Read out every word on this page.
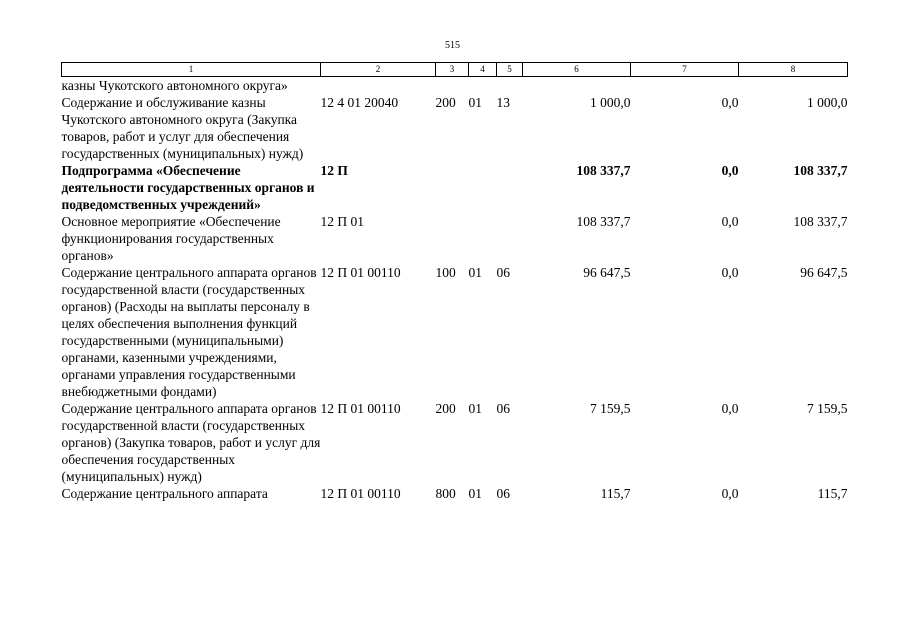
515
1	2	3	4	5	6	7	8
казны Чукотского автономного округа»							
Содержание и обслуживание казны Чукотского автономного округа (Закупка товаров, работ и услуг для обеспечения государственных (муниципальных) нужд)	12 4 01 20040	200	01	13	1 000,0	0,0	1 000,0
Подпрограмма «Обеспечение деятельности государственных органов и подведомственных учреждений»	12 П				108 337,7	0,0	108 337,7
Основное мероприятие «Обеспечение функционирования государственных органов»	12 П 01				108 337,7	0,0	108 337,7
Содержание центрального аппарата органов государственной власти (государственных органов) (Расходы на выплаты персоналу в целях обеспечения выполнения функций государственными (муниципальными) органами, казенными учреждениями, органами управления государственными внебюджетными фондами)	12 П 01 00110	100	01	06	96 647,5	0,0	96 647,5
Содержание центрального аппарата органов государственной власти (государственных органов) (Закупка товаров, работ и услуг для обеспечения государственных (муниципальных) нужд)	12 П 01 00110	200	01	06	7 159,5	0,0	7 159,5
Содержание центрального аппарата	12 П 01 00110	800	01	06	115,7	0,0	115,7
